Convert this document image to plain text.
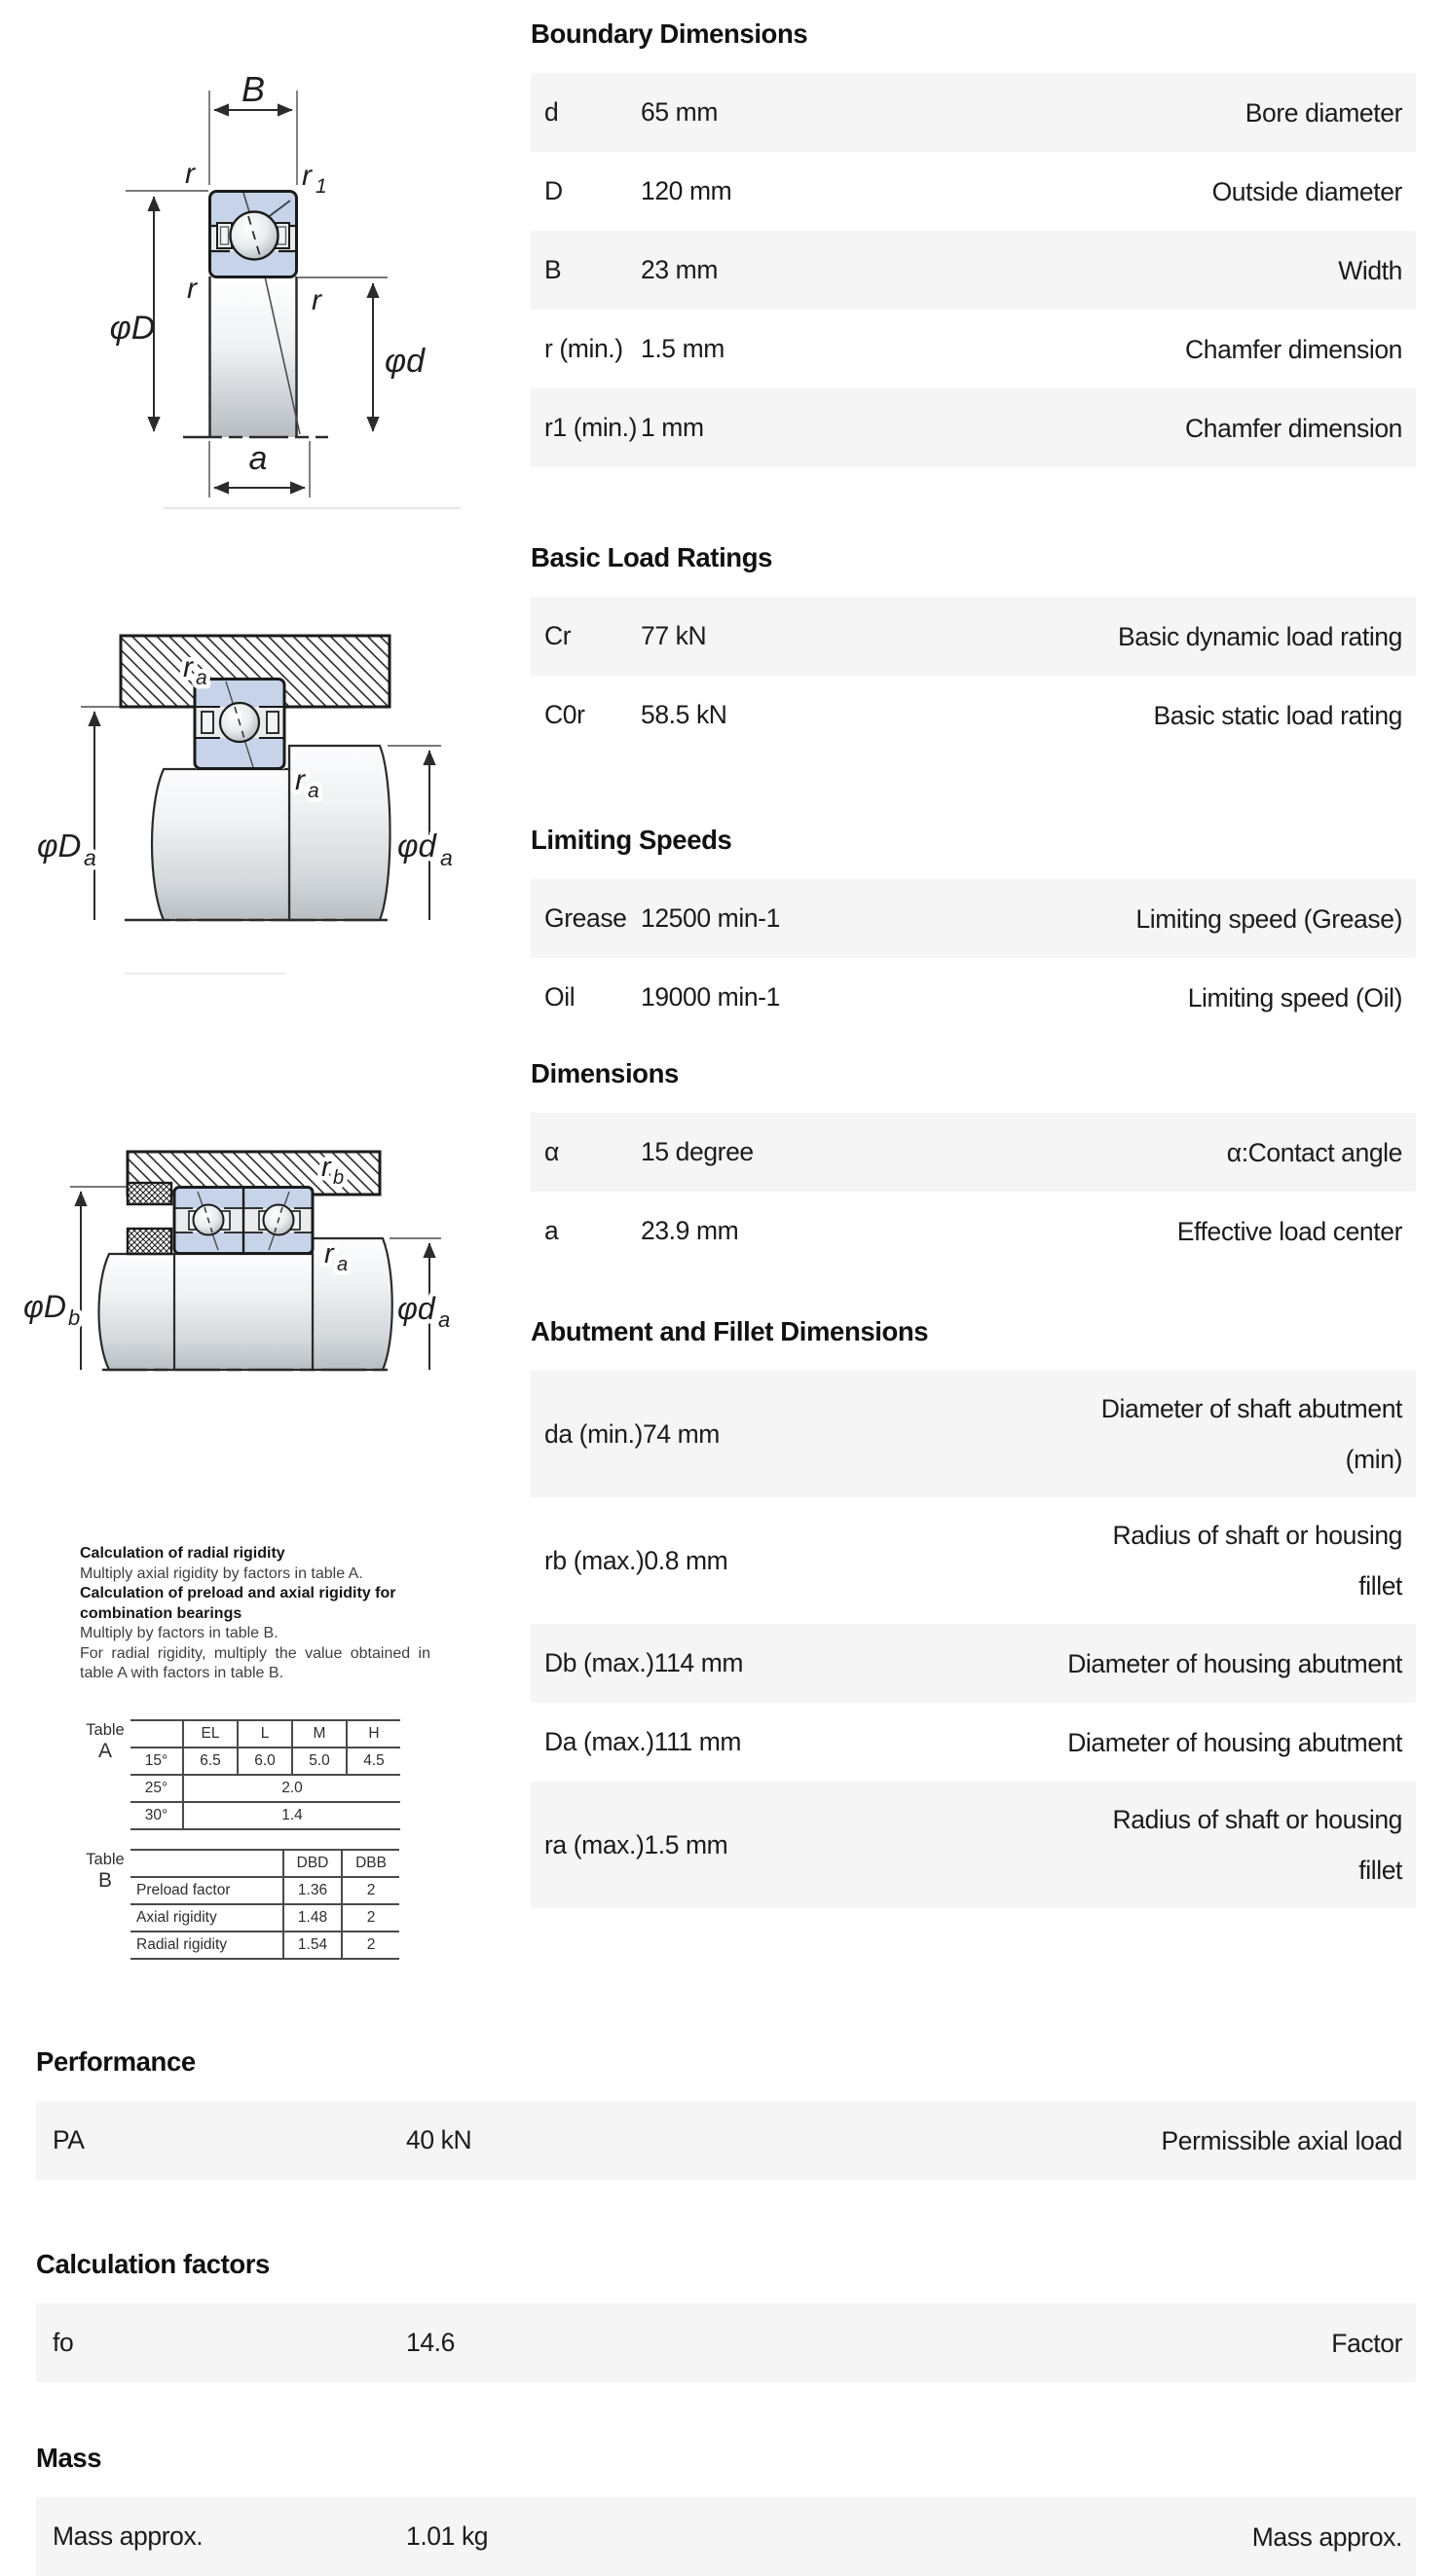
B
r	r 1
r	r
φD
φd
a
r a
r a
φD a	φd a
r b
r a
φD b	φd a

Calculation of radial rigidity

Multiply axial rigidity by factors in table A.

Calculation of preload and axial rigidity for combination bearings

Multiply by factors in table B.

For radial rigidity, multiply the value obtained in table A with factors in table B.

Table
A
	EL	L	M	H
15°	6.5	6.0	5.0	4.5
25°	2.0			
30°	1.4			
Table
B
	DBD	DBB
Preload factor	1.36	2
Axial rigidity	1.48	2
Radial rigidity	1.54	2
Boundary Dimensions
d	65 mm	Bore diameter
D	120 mm	Outside diameter
B	23 mm	Width
r (min.) 1.5 mm	Chamfer dimension
r1 (min.) 1 mm	Chamfer dimension
Basic Load Ratings
Cr	77 kN	Basic dynamic load rating
C0r	58.5 kN	Basic static load rating
Limiting Speeds
Grease 12500 min-1	Limiting speed (Grease)
Oil	19000 min-1	Limiting speed (Oil)
Dimensions
α	15 degree	α:Contact angle
a	23.9 mm	Effective load center
Abutment and Fillet Dimensions
da (min.) 74 mm
Diameter of shaft abutment
(min)
rb (max.) 0.8 mm
Radius of shaft or housing
fillet
Db (max.) 114 mm	Diameter of housing abutment
Da (max.) 111 mm	Diameter of housing abutment
ra (max.) 1.5 mm
Radius of shaft or housing
fillet
Performance
PA	40 kN	Permissible axial load
Calculation factors
fo	14.6	Factor
Mass
Mass approx.	1.01 kg	Mass approx.
